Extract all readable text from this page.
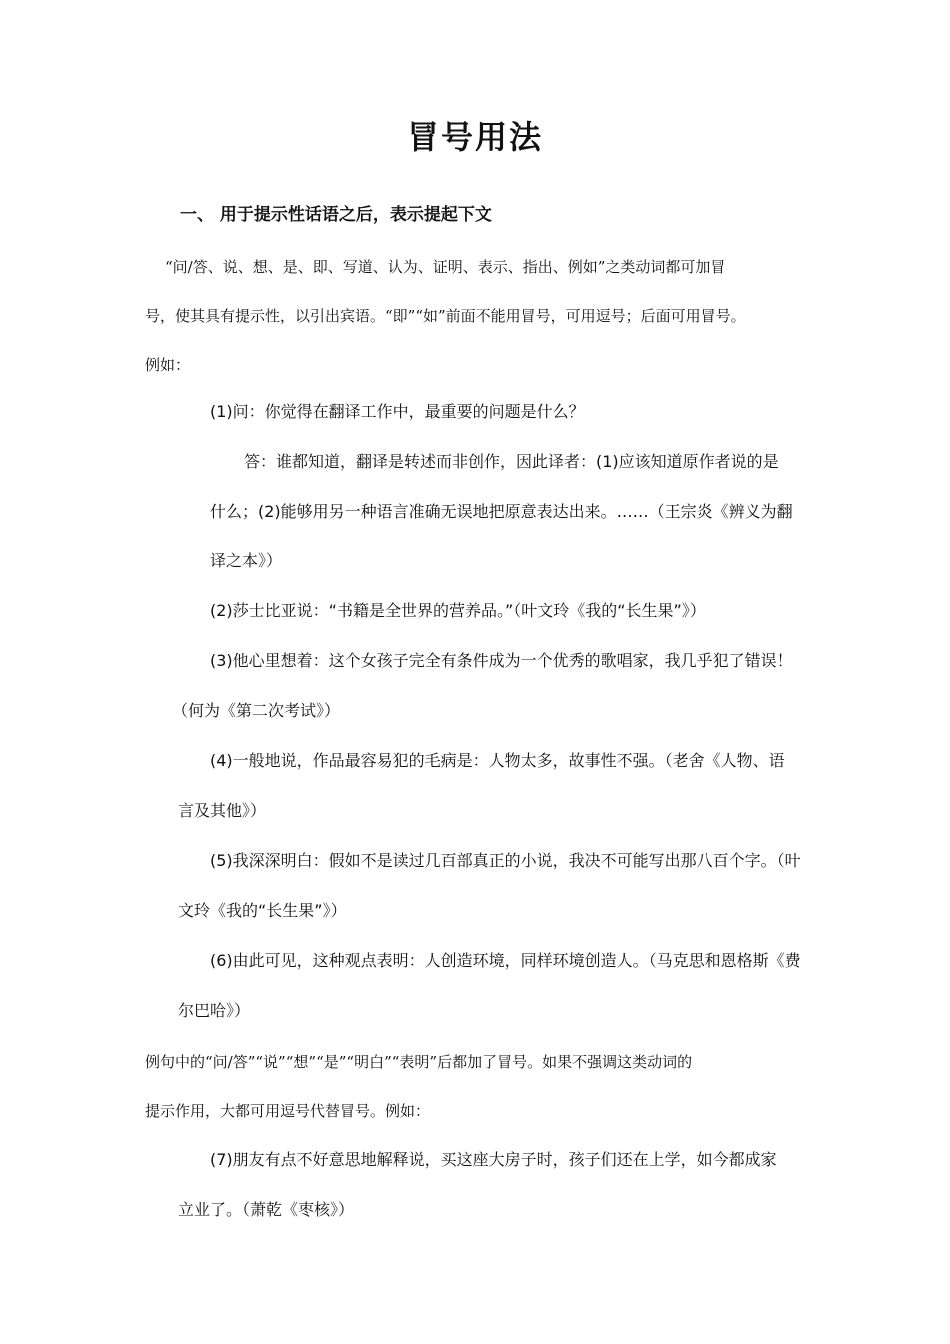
冒号用法
一、 用于提示性话语之后，表示提起下文
“问/答、说、想、是、即、写道、认为、证明、表示、指出、例如”之类动词都可加冒
号，使其具有提示性，以引出宾语。“即”“如”前面不能用冒号，可用逗号；后面可用冒号。
例如：
(1)问：你觉得在翻译工作中，最重要的问题是什么？
答：谁都知道，翻译是转述而非创作，因此译者：(1)应该知道原作者说的是
什么；(2)能够用另一种语言准确无误地把原意表达出来。……（王宗炎《辨义为翻
译之本》）
(2)莎士比亚说：“书籍是全世界的营养品。”（叶文玲《我的“长生果”》）
(3)他心里想着：这个女孩子完全有条件成为一个优秀的歌唱家，我几乎犯了错误！
（何为《第二次考试》）
(4)一般地说，作品最容易犯的毛病是：人物太多，故事性不强。（老舍《人物、语
言及其他》）
(5)我深深明白：假如不是读过几百部真正的小说，我决不可能写出那八百个字。（叶
文玲《我的“长生果”》）
(6)由此可见，这种观点表明：人创造环境，同样环境创造人。（马克思和恩格斯《费
尔巴哈》）
例句中的“问/答”“说”“想”“是”“明白”“表明”后都加了冒号。如果不强调这类动词的
提示作用，大都可用逗号代替冒号。例如：
(7)朋友有点不好意思地解释说，买这座大房子时，孩子们还在上学，如今都成家
立业了。（萧乾《枣核》）
